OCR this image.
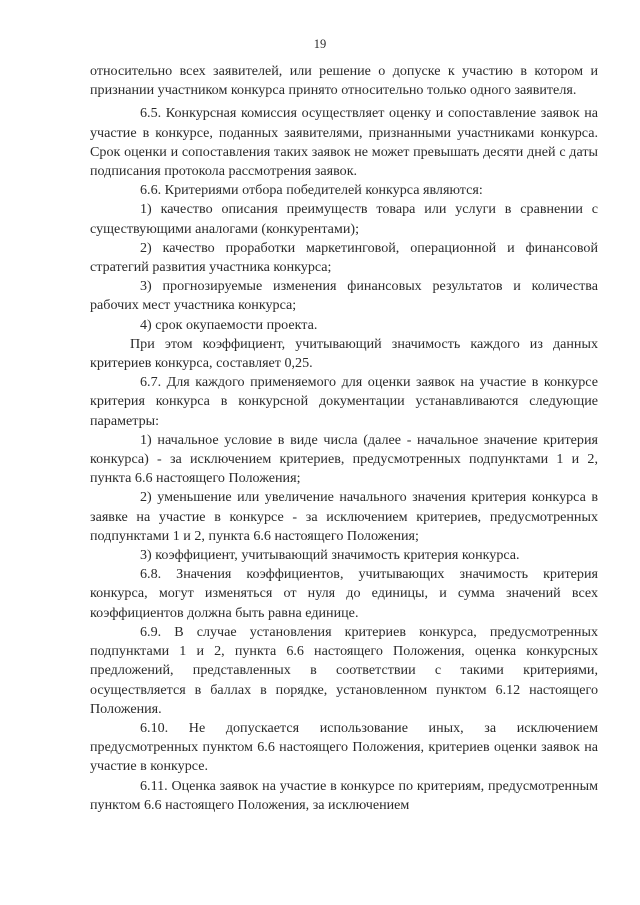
19

относительно всех заявителей, или решение о допуске к участию в котором и признании участником конкурса принято относительно только одного заявителя.

6.5. Конкурсная комиссия осуществляет оценку и сопоставление заявок на участие в конкурсе, поданных заявителями, признанными участниками конкурса. Срок оценки и сопоставления таких заявок не может превышать десяти дней с даты подписания протокола рассмотрения заявок.

6.6. Критериями отбора победителей конкурса являются:

1) качество описания преимуществ товара или услуги в сравнении с существующими аналогами (конкурентами);

2) качество проработки маркетинговой, операционной и финансовой стратегий развития участника конкурса;

3) прогнозируемые изменения финансовых результатов и количества рабочих мест участника конкурса;

4) срок окупаемости проекта.

При этом коэффициент, учитывающий значимость каждого из данных критериев конкурса, составляет 0,25.

6.7. Для каждого применяемого для оценки заявок на участие в конкурсе критерия конкурса в конкурсной документации устанавливаются следующие параметры:

1) начальное условие в виде числа (далее - начальное значение критерия конкурса) - за исключением критериев, предусмотренных подпунктами 1 и 2, пункта 6.6 настоящего Положения;

2) уменьшение или увеличение начального значения критерия конкурса в заявке на участие в конкурсе - за исключением критериев, предусмотренных подпунктами 1 и 2, пункта 6.6 настоящего Положения;

3) коэффициент, учитывающий значимость критерия конкурса.

6.8. Значения коэффициентов, учитывающих значимость критерия конкурса, могут изменяться от нуля до единицы, и сумма значений всех коэффициентов должна быть равна единице.

6.9. В случае установления критериев конкурса, предусмотренных подпунктами 1 и 2, пункта 6.6 настоящего Положения, оценка конкурсных предложений, представленных в соответствии с такими критериями, осуществляется в баллах в порядке, установленном пунктом 6.12 настоящего Положения.

6.10. Не допускается использование иных, за исключением предусмотренных пунктом 6.6 настоящего Положения, критериев оценки заявок на участие в конкурсе.

6.11. Оценка заявок на участие в конкурсе по критериям, предусмотренным пунктом 6.6 настоящего Положения, за исключением
